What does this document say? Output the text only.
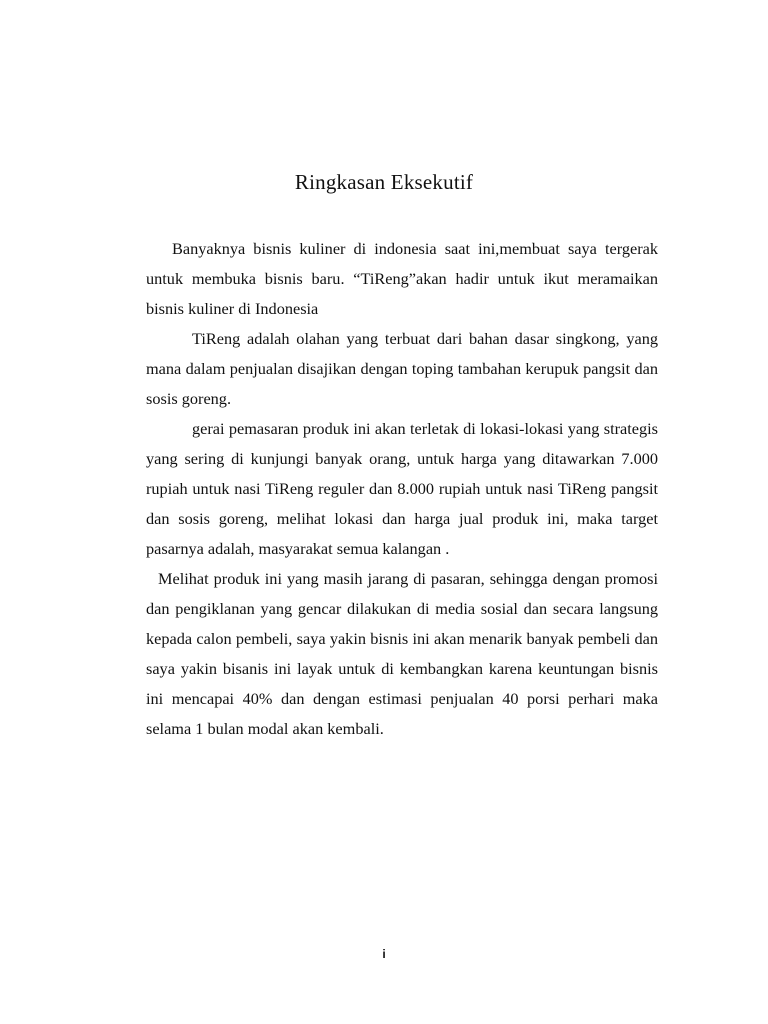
Ringkasan Eksekutif

Banyaknya bisnis kuliner di indonesia saat ini,membuat saya tergerak untuk membuka bisnis baru. “TiReng”akan hadir untuk ikut meramaikan bisnis kuliner di Indonesia

TiReng adalah olahan yang terbuat dari bahan dasar singkong, yang mana dalam penjualan disajikan dengan toping tambahan kerupuk pangsit dan sosis goreng.

gerai pemasaran produk ini akan terletak di lokasi-lokasi yang strategis yang sering di kunjungi banyak orang, untuk harga yang ditawarkan 7.000 rupiah untuk nasi TiReng reguler dan 8.000 rupiah untuk nasi TiReng pangsit dan sosis goreng, melihat lokasi dan harga jual produk ini, maka target pasarnya adalah, masyarakat semua kalangan .

Melihat produk ini yang masih jarang di pasaran, sehingga dengan promosi dan pengiklanan yang gencar dilakukan di media sosial dan secara langsung kepada calon pembeli, saya yakin bisnis ini akan menarik banyak pembeli dan saya yakin bisanis ini layak untuk di kembangkan karena keuntungan bisnis ini mencapai 40% dan dengan estimasi penjualan 40 porsi perhari maka selama 1 bulan modal akan kembali.

i
